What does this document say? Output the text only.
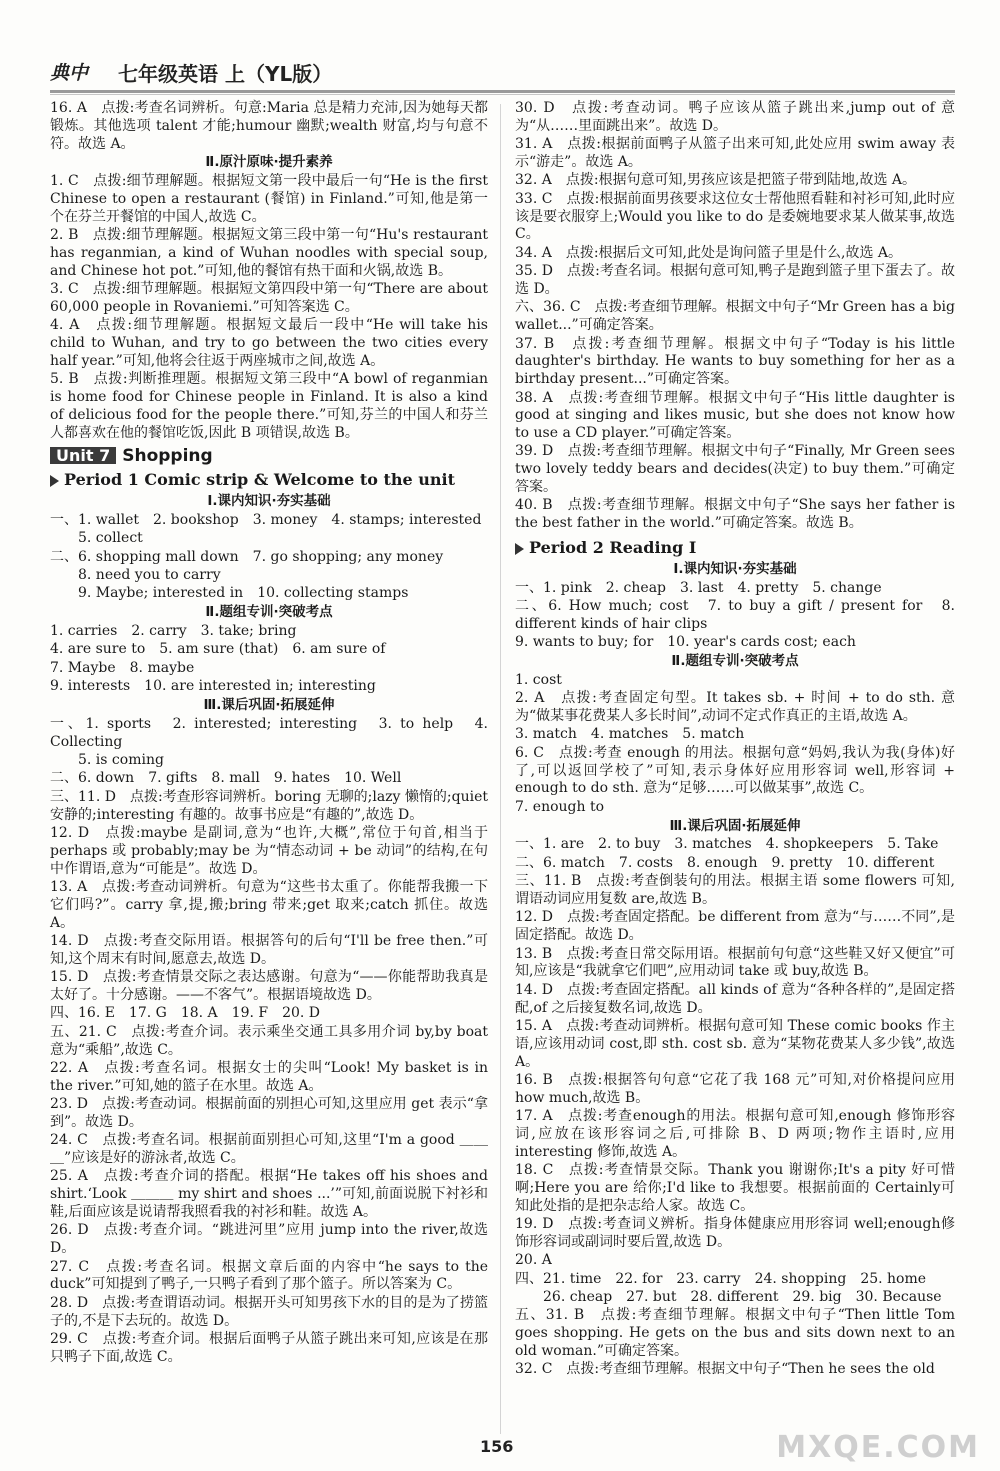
典中 七年级英语 上（YL版）
16. A　点拨:考查名词辨析。句意:Maria 总是精力充沛,因为她每天都锻炼。其他选项 talent 才能;humour 幽默;wealth 财富,均与句意不符。故选 A。
Ⅱ.原汁原味·提升素养
1. C　点拨:细节理解题。根据短文第一段中最后一句“He is the first Chinese to open a restaurant (餐馆) in Finland.”可知,他是第一个在芬兰开餐馆的中国人,故选 C。
2. B　点拨:细节理解题。根据短文第三段中第一句“Hu's restaurant has reganmian, a kind of Wuhan noodles with special soup, and Chinese hot pot.”可知,他的餐馆有热干面和火锅,故选 B。
3. C　点拨:细节理解题。根据短文第四段中第一句“There are about 60,000 people in Rovaniemi.”可知答案选 C。
4. A　点拨:细节理解题。根据短文最后一段中“He will take his child to Wuhan, and try to go between the two cities every half year.”可知,他将会往返于两座城市之间,故选 A。
5. B　点拨:判断推理题。根据短文第三段中“A bowl of reganmian is home food for Chinese people in Finland. It is also a kind of delicious food for the people there.”可知,芬兰的中国人和芬兰人都喜欢在他的餐馆吃饭,因此 B 项错误,故选 B。
Unit 7 Shopping
Period 1 Comic strip & Welcome to the unit
Ⅰ.课内知识·夯实基础
一、1. wallet　2. bookshop　3. money　4. stamps; interested
　　5. collect
二、6. shopping mall down　7. go shopping; any money
　　8. need you to carry
　　9. Maybe; interested in　10. collecting stamps
Ⅱ.题组专训·突破考点
1. carries　2. carry　3. take; bring
4. are sure to　5. am sure (that)　6. am sure of
7. Maybe　8. maybe
9. interests　10. are interested in; interesting
Ⅲ.课后巩固·拓展延伸
一、1. sports　2. interested; interesting　3. to help　4. Collecting
　　5. is coming
二、6. down　7. gifts　8. mall　9. hates　10. Well
三、11. D　点拨:考查形容词辨析。boring 无聊的;lazy 懒惰的;quiet 安静的;interesting 有趣的。故事书应是“有趣的”,故选 D。
12. D　点拨:maybe 是副词,意为“也许,大概”,常位于句首,相当于 perhaps 或 probably;may be 为“情态动词 + be 动词”的结构,在句中作谓语,意为“可能是”。故选 D。
13. A　点拨:考查动词辨析。句意为“这些书太重了。你能帮我搬一下它们吗?”。carry 拿,提,搬;bring 带来;get 取来;catch 抓住。故选 A。
14. D　点拨:考查交际用语。根据答句的后句“I'll be free then.”可知,这个周末有时间,愿意去,故选 D。
15. D　点拨:考查情景交际之表达感谢。句意为“——你能帮助我真是太好了。十分感谢。——不客气”。根据语境故选 D。
四、16. E　17. G　18. A　19. F　20. D
五、21. C　点拨:考查介词。表示乘坐交通工具多用介词 by,by boat 意为“乘船”,故选 C。
22. A　点拨:考查名词。根据女士的尖叫“Look! My basket is in the river.”可知,她的篮子在水里。故选 A。
23. D　点拨:考查动词。根据前面的别担心可知,这里应用 get 表示“拿到”。故选 D。
24. C　点拨:考查名词。根据前面别担心可知,这里“I'm a good ＿＿＿”应该是好的游泳者,故选 C。
25. A　点拨:考查介词的搭配。根据“He takes off his shoes and shirt.‘Look ＿＿＿ my shirt and shoes ...’”可知,前面说脱下衬衫和鞋,后面应该是说请帮我照看我的衬衫和鞋。故选 A。
26. D　点拨:考查介词。“跳进河里”应用 jump into the river,故选 D。
27. C　点拨:考查名词。根据文章后面的内容中“he says to the duck”可知提到了鸭子,一只鸭子看到了那个篮子。所以答案为 C。
28. D　点拨:考查谓语动词。根据开头可知男孩下水的目的是为了捞篮子的,不是下去玩的。故选 D。
29. C　点拨:考查介词。根据后面鸭子从篮子跳出来可知,应该是在那只鸭子下面,故选 C。
30. D　点拨:考查动词。鸭子应该从篮子跳出来,jump out of 意为“从……里面跳出来”。故选 D。
31. A　点拨:根据前面鸭子从篮子出来可知,此处应用 swim away 表示“游走”。故选 A。
32. A　点拨:根据句意可知,男孩应该是把篮子带到陆地,故选 A。
33. C　点拨:根据前面男孩要求这位女士帮他照看鞋和衬衫可知,此时应该是要衣服穿上;Would you like to do 是委婉地要求某人做某事,故选 C。
34. A　点拨:根据后文可知,此处是询问篮子里是什么,故选 A。
35. D　点拨:考查名词。根据句意可知,鸭子是跑到篮子里下蛋去了。故选 D。
六、36. C　点拨:考查细节理解。根据文中句子“Mr Green has a big wallet...”可确定答案。
37. B　点拨:考查细节理解。根据文中句子“Today is his little daughter's birthday. He wants to buy something for her as a birthday present...”可确定答案。
38. A　点拨:考查细节理解。根据文中句子“His little daughter is good at singing and likes music, but she does not know how to use a CD player.”可确定答案。
39. D　点拨:考查细节理解。根据文中句子“Finally, Mr Green sees two lovely teddy bears and decides(决定) to buy them.”可确定答案。
40. B　点拨:考查细节理解。根据文中句子“She says her father is the best father in the world.”可确定答案。故选 B。
Period 2 Reading Ⅰ
Ⅰ.课内知识·夯实基础
一、1. pink　2. cheap　3. last　4. pretty　5. change
二、6. How much; cost　7. to buy a gift / present for　8. different kinds of hair clips
9. wants to buy; for　10. year's cards cost; each
Ⅱ.题组专训·突破考点
1. cost
2. A　点拨:考查固定句型。It takes sb. + 时间 + to do sth. 意为“做某事花费某人多长时间”,动词不定式作真正的主语,故选 A。
3. match　4. matches　5. match
6. C　点拨:考查 enough 的用法。根据句意“妈妈,我认为我(身体)好了,可以返回学校了”可知,表示身体好应用形容词 well,形容词 + enough to do sth. 意为“足够……可以做某事”,故选 C。
7. enough to
Ⅲ.课后巩固·拓展延伸
一、1. are　2. to buy　3. matches　4. shopkeepers　5. Take
二、6. match　7. costs　8. enough　9. pretty　10. different
三、11. B　点拨:考查倒装句的用法。根据主语 some flowers 可知,谓语动词应用复数 are,故选 B。
12. D　点拨:考查固定搭配。be different from 意为“与……不同”,是固定搭配。故选 D。
13. B　点拨:考查日常交际用语。根据前句句意“这些鞋又好又便宜”可知,应该是“我就拿它们吧”,应用动词 take 或 buy,故选 B。
14. D　点拨:考查固定搭配。all kinds of 意为“各种各样的”,是固定搭配,of 之后接复数名词,故选 D。
15. A　点拨:考查动词辨析。根据句意可知 These comic books 作主语,应该用动词 cost,即 sth. cost sb. 意为“某物花费某人多少钱”,故选 A。
16. B　点拨:根据答句句意“它花了我 168 元”可知,对价格提问应用 how much,故选 B。
17. A　点拨:考查enough的用法。根据句意可知,enough 修饰形容词,应放在该形容词之后,可排除 B、D 两项;物作主语时,应用 interesting 修饰,故选 A。
18. C　点拨:考查情景交际。Thank you 谢谢你;It's a pity 好可惜啊;Here you are 给你;I'd like to 我想要。根据前面的 Certainly可知此处指的是把杂志给人家。故选 C。
19. D　点拨:考查词义辨析。指身体健康应用形容词 well;enough修饰形容词或副词时要后置,故选 D。
20. A
四、21. time　22. for　23. carry　24. shopping　25. home
　　26. cheap　27. but　28. different　29. big　30. Because
五、31. B　点拨:考查细节理解。根据文中句子“Then little Tom goes shopping. He gets on the bus and sits down next to an old woman.”可确定答案。
32. C　点拨:考查细节理解。根据文中句子“Then he sees the old
156	MXQE.COM
